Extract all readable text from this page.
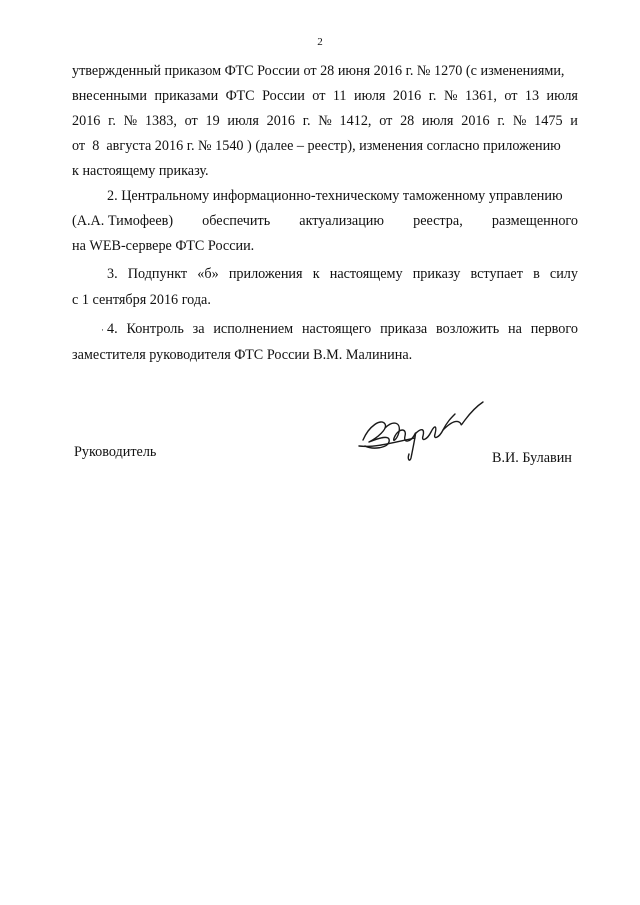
2
утвержденный приказом ФТС России от 28 июня 2016 г. № 1270 (с изменениями,
внесенными приказами ФТС России от 11 июля 2016 г. № 1361, от 13 июля
2016 г. № 1383, от 19 июля 2016 г. № 1412, от 28 июля 2016 г. № 1475 и
от  8  августа 2016 г. № 1540 ) (далее – реестр), изменения согласно приложению
к настоящему приказу.
2. Центральному информационно-техническому таможенному управлению
(А.А. Тимофеев) обеспечить актуализацию реестра, размещенного
на WEB-сервере ФТС России.
3. Подпункт «б» приложения к настоящему приказу вступает в силу
с 1 сентября 2016 года.
· 4. Контроль за исполнением настоящего приказа возложить на первого
заместителя руководителя ФТС России В.М. Малинина.
Руководитель	В.И. Булавин
